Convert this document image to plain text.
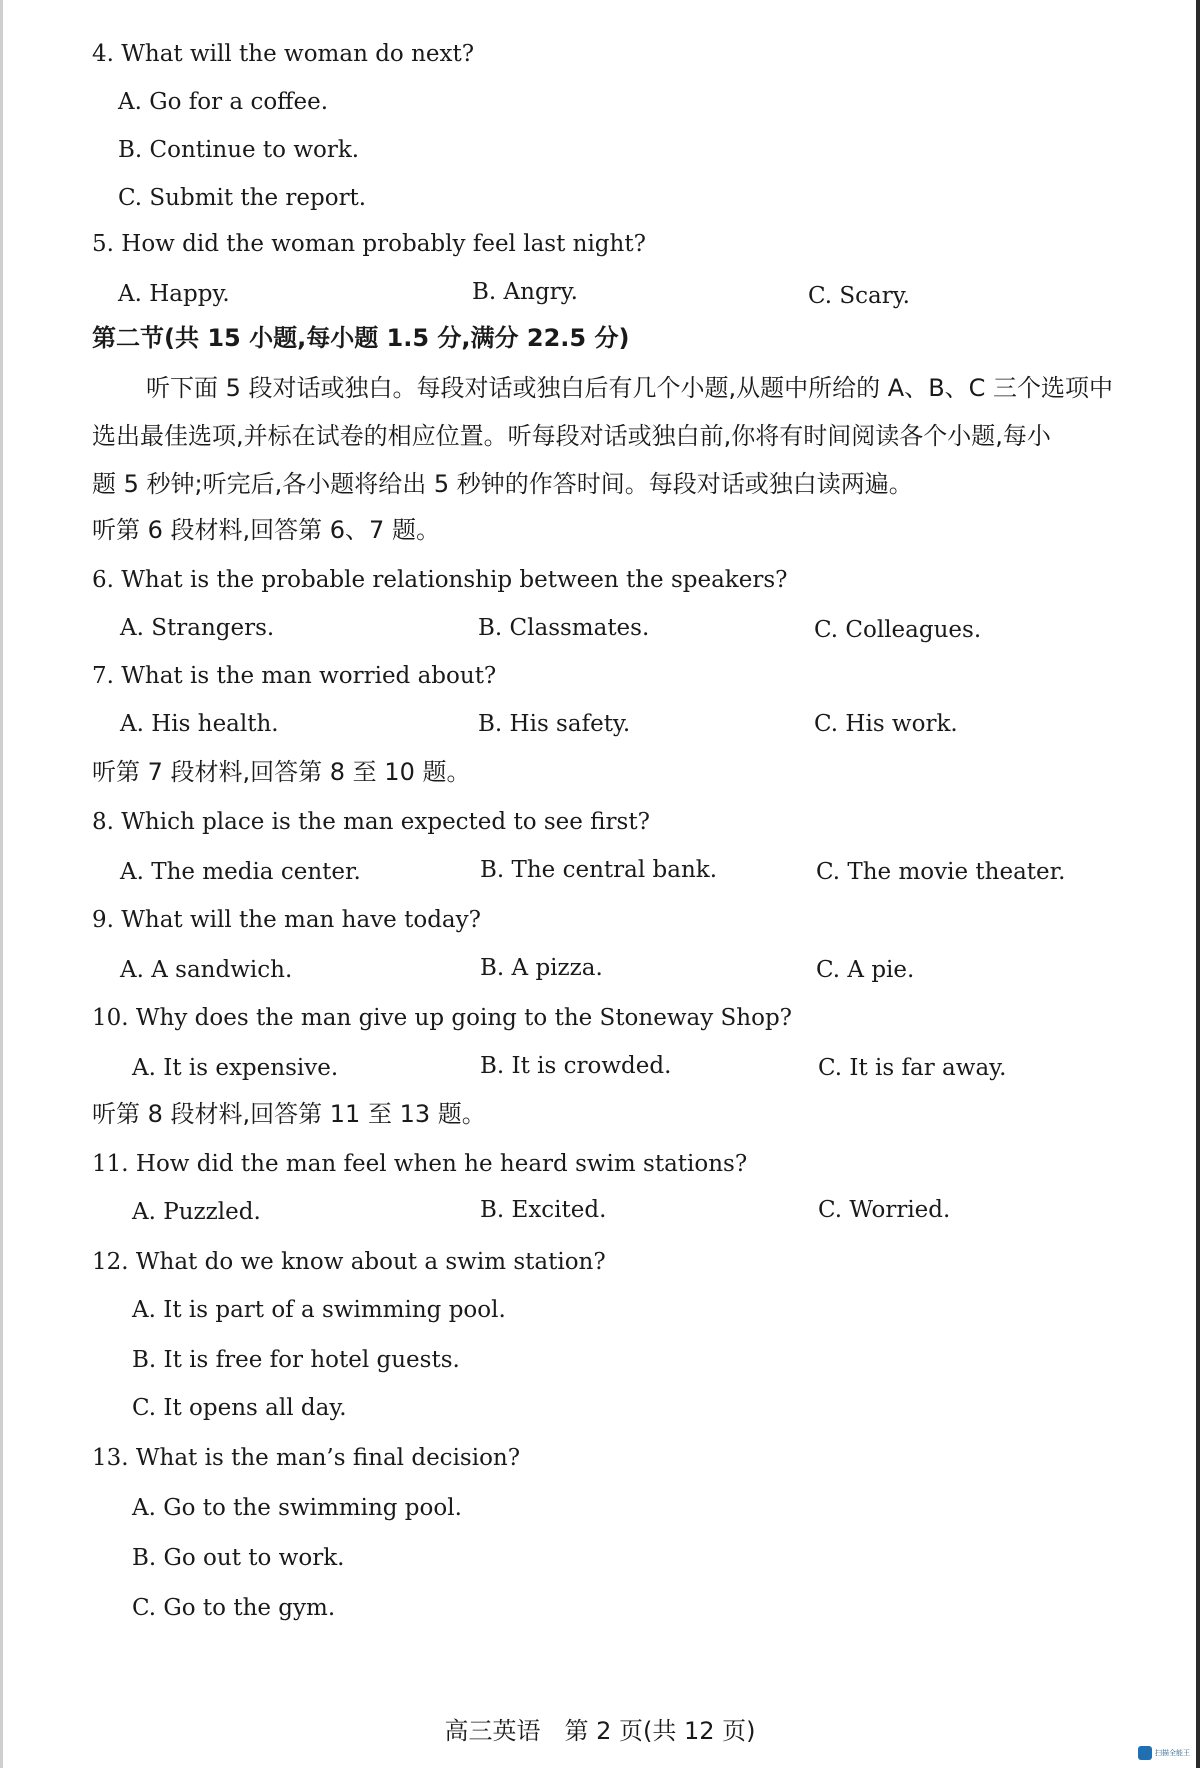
4. What will the woman do next?
A. Go for a coffee.
B. Continue to work.
C. Submit the report.
5. How did the woman probably feel last night?
A. Happy.	B. Angry.	C. Scary.
第二节(共 15 小题,每小题 1.5 分,满分 22.5 分)
听下面 5 段对话或独白。每段对话或独白后有几个小题,从题中所给的 A、B、C 三个选项中
选出最佳选项,并标在试卷的相应位置。听每段对话或独白前,你将有时间阅读各个小题,每小
题 5 秒钟;听完后,各小题将给出 5 秒钟的作答时间。每段对话或独白读两遍。
听第 6 段材料,回答第 6、7 题。
6. What is the probable relationship between the speakers?
A. Strangers.	B. Classmates.	C. Colleagues.
7. What is the man worried about?
A. His health.	B. His safety.	C. His work.
听第 7 段材料,回答第 8 至 10 题。
8. Which place is the man expected to see first?
A. The media center.	B. The central bank.	C. The movie theater.
9. What will the man have today?
A. A sandwich.	B. A pizza.	C. A pie.
10. Why does the man give up going to the Stoneway Shop?
A. It is expensive.	B. It is crowded.	C. It is far away.
听第 8 段材料,回答第 11 至 13 题。
11. How did the man feel when he heard swim stations?
A. Puzzled.	B. Excited.	C. Worried.
12. What do we know about a swim station?
A. It is part of a swimming pool.
B. It is free for hotel guests.
C. It opens all day.
13. What is the man’s final decision?
A. Go to the swimming pool.
B. Go out to work.
C. Go to the gym.
高三英语　第 2 页(共 12 页)
扫描全能王
